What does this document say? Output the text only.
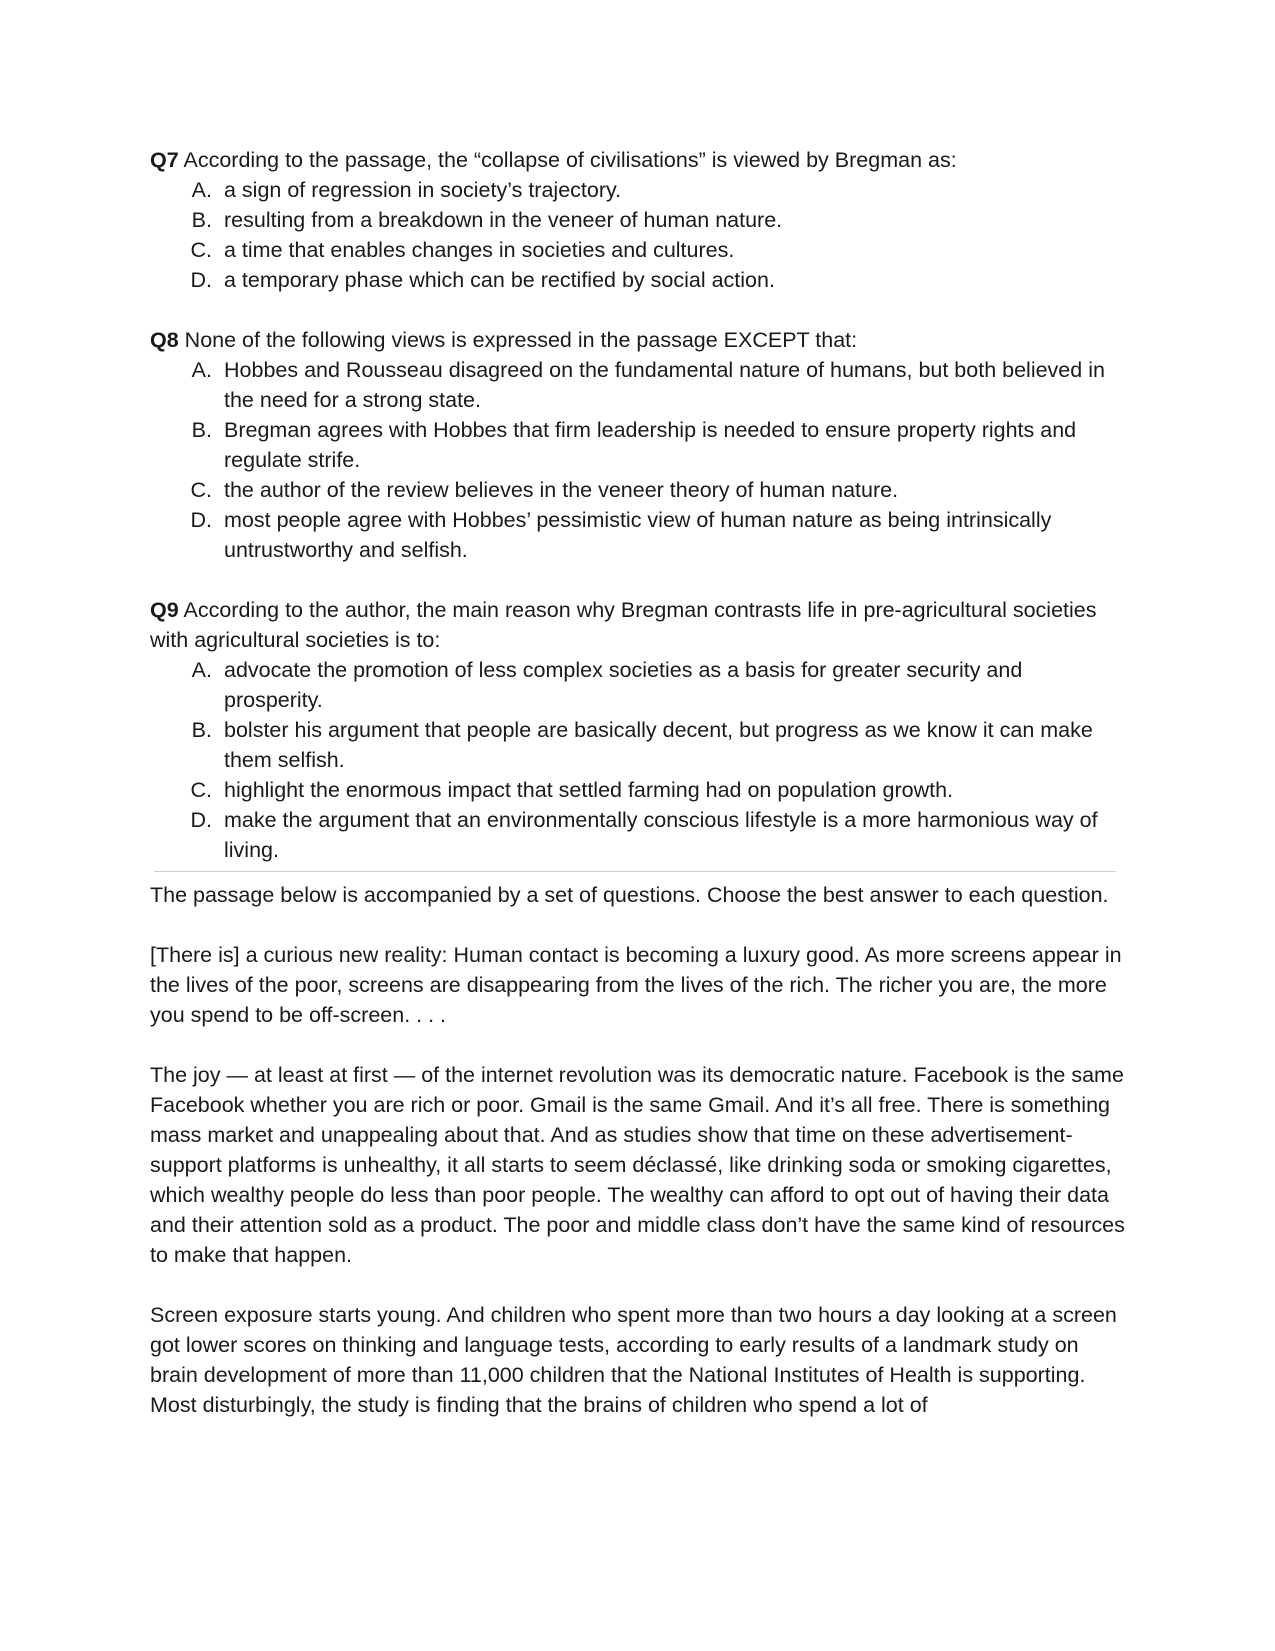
Q7 According to the passage, the “collapse of civilisations” is viewed by Bregman as:

A. a sign of regression in society’s trajectory.
B. resulting from a breakdown in the veneer of human nature.
C. a time that enables changes in societies and cultures.
D. a temporary phase which can be rectified by social action.

Q8 None of the following views is expressed in the passage EXCEPT that:

A. Hobbes and Rousseau disagreed on the fundamental nature of humans, but both believed in the need for a strong state.
B. Bregman agrees with Hobbes that firm leadership is needed to ensure property rights and regulate strife.
C. the author of the review believes in the veneer theory of human nature.
D. most people agree with Hobbes’ pessimistic view of human nature as being intrinsically untrustworthy and selfish.

Q9 According to the author, the main reason why Bregman contrasts life in pre-agricultural societies with agricultural societies is to:

A. advocate the promotion of less complex societies as a basis for greater security and prosperity.
B. bolster his argument that people are basically decent, but progress as we know it can make them selfish.
C. highlight the enormous impact that settled farming had on population growth.
D. make the argument that an environmentally conscious lifestyle is a more harmonious way of living.

The passage below is accompanied by a set of questions. Choose the best answer to each question.

[There is] a curious new reality: Human contact is becoming a luxury good. As more screens appear in the lives of the poor, screens are disappearing from the lives of the rich. The richer you are, the more you spend to be off-screen. . . .

The joy — at least at first — of the internet revolution was its democratic nature. Facebook is the same Facebook whether you are rich or poor. Gmail is the same Gmail. And it’s all free. There is something mass market and unappealing about that. And as studies show that time on these advertisement-support platforms is unhealthy, it all starts to seem déclassé, like drinking soda or smoking cigarettes, which wealthy people do less than poor people. The wealthy can afford to opt out of having their data and their attention sold as a product. The poor and middle class don’t have the same kind of resources to make that happen.

Screen exposure starts young. And children who spent more than two hours a day looking at a screen got lower scores on thinking and language tests, according to early results of a landmark study on brain development of more than 11,000 children that the National Institutes of Health is supporting. Most disturbingly, the study is finding that the brains of children who spend a lot of
